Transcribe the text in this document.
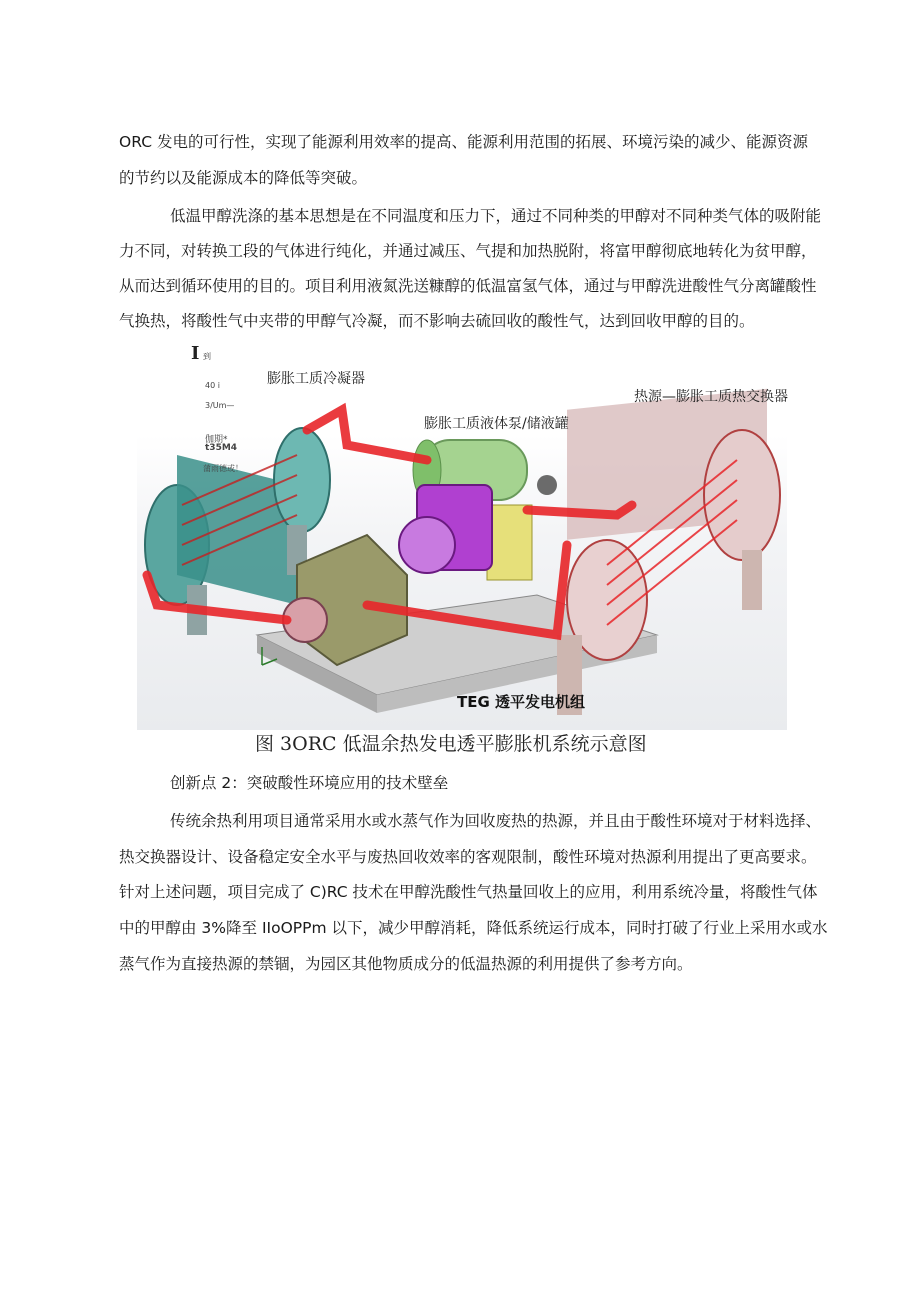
ORC 发电的可行性，实现了能源利用效率的提高、能源利用范围的拓展、环境污染的减少、能源资源
的节约以及能源成本的降低等突破。
低温甲醇洗涤的基本思想是在不同温度和压力下，通过不同种类的甲醇对不同种类气体的吸附能
力不同，对转换工段的气体进行纯化，并通过减压、气提和加热脱附，将富甲醇彻底地转化为贫甲醇，
从而达到循环使用的目的。项目利用液氮洗送糠醇的低温富氢气体，通过与甲醇洗进酸性气分离罐酸性
气换热，将酸性气中夹带的甲醇气冷凝，而不影响去硫回收的酸性气，达到回收甲醇的目的。
I 到
40 i
3/Um—
伽期*
t35M4
蒲雨德或！
膨胀工质冷凝器
热源—膨胀工质热交换器
膨胀工质液体泵/储液罐
TEG 透平发电机组
图 3ORC 低温余热发电透平膨胀机系统示意图
创新点 2：突破酸性环境应用的技术壁垒
传统余热利用项目通常采用水或水蒸气作为回收废热的热源，并且由于酸性环境对于材料选择、
热交换器设计、设备稳定安全水平与废热回收效率的客观限制，酸性环境对热源利用提出了更高要求。
针对上述问题，项目完成了 C)RC 技术在甲醇洗酸性气热量回收上的应用，利用系统冷量，将酸性气体
中的甲醇由 3%降至 IIoOPPm 以下，减少甲醇消耗，降低系统运行成本，同时打破了行业上采用水或水
蒸气作为直接热源的禁锢，为园区其他物质成分的低温热源的利用提供了参考方向。
